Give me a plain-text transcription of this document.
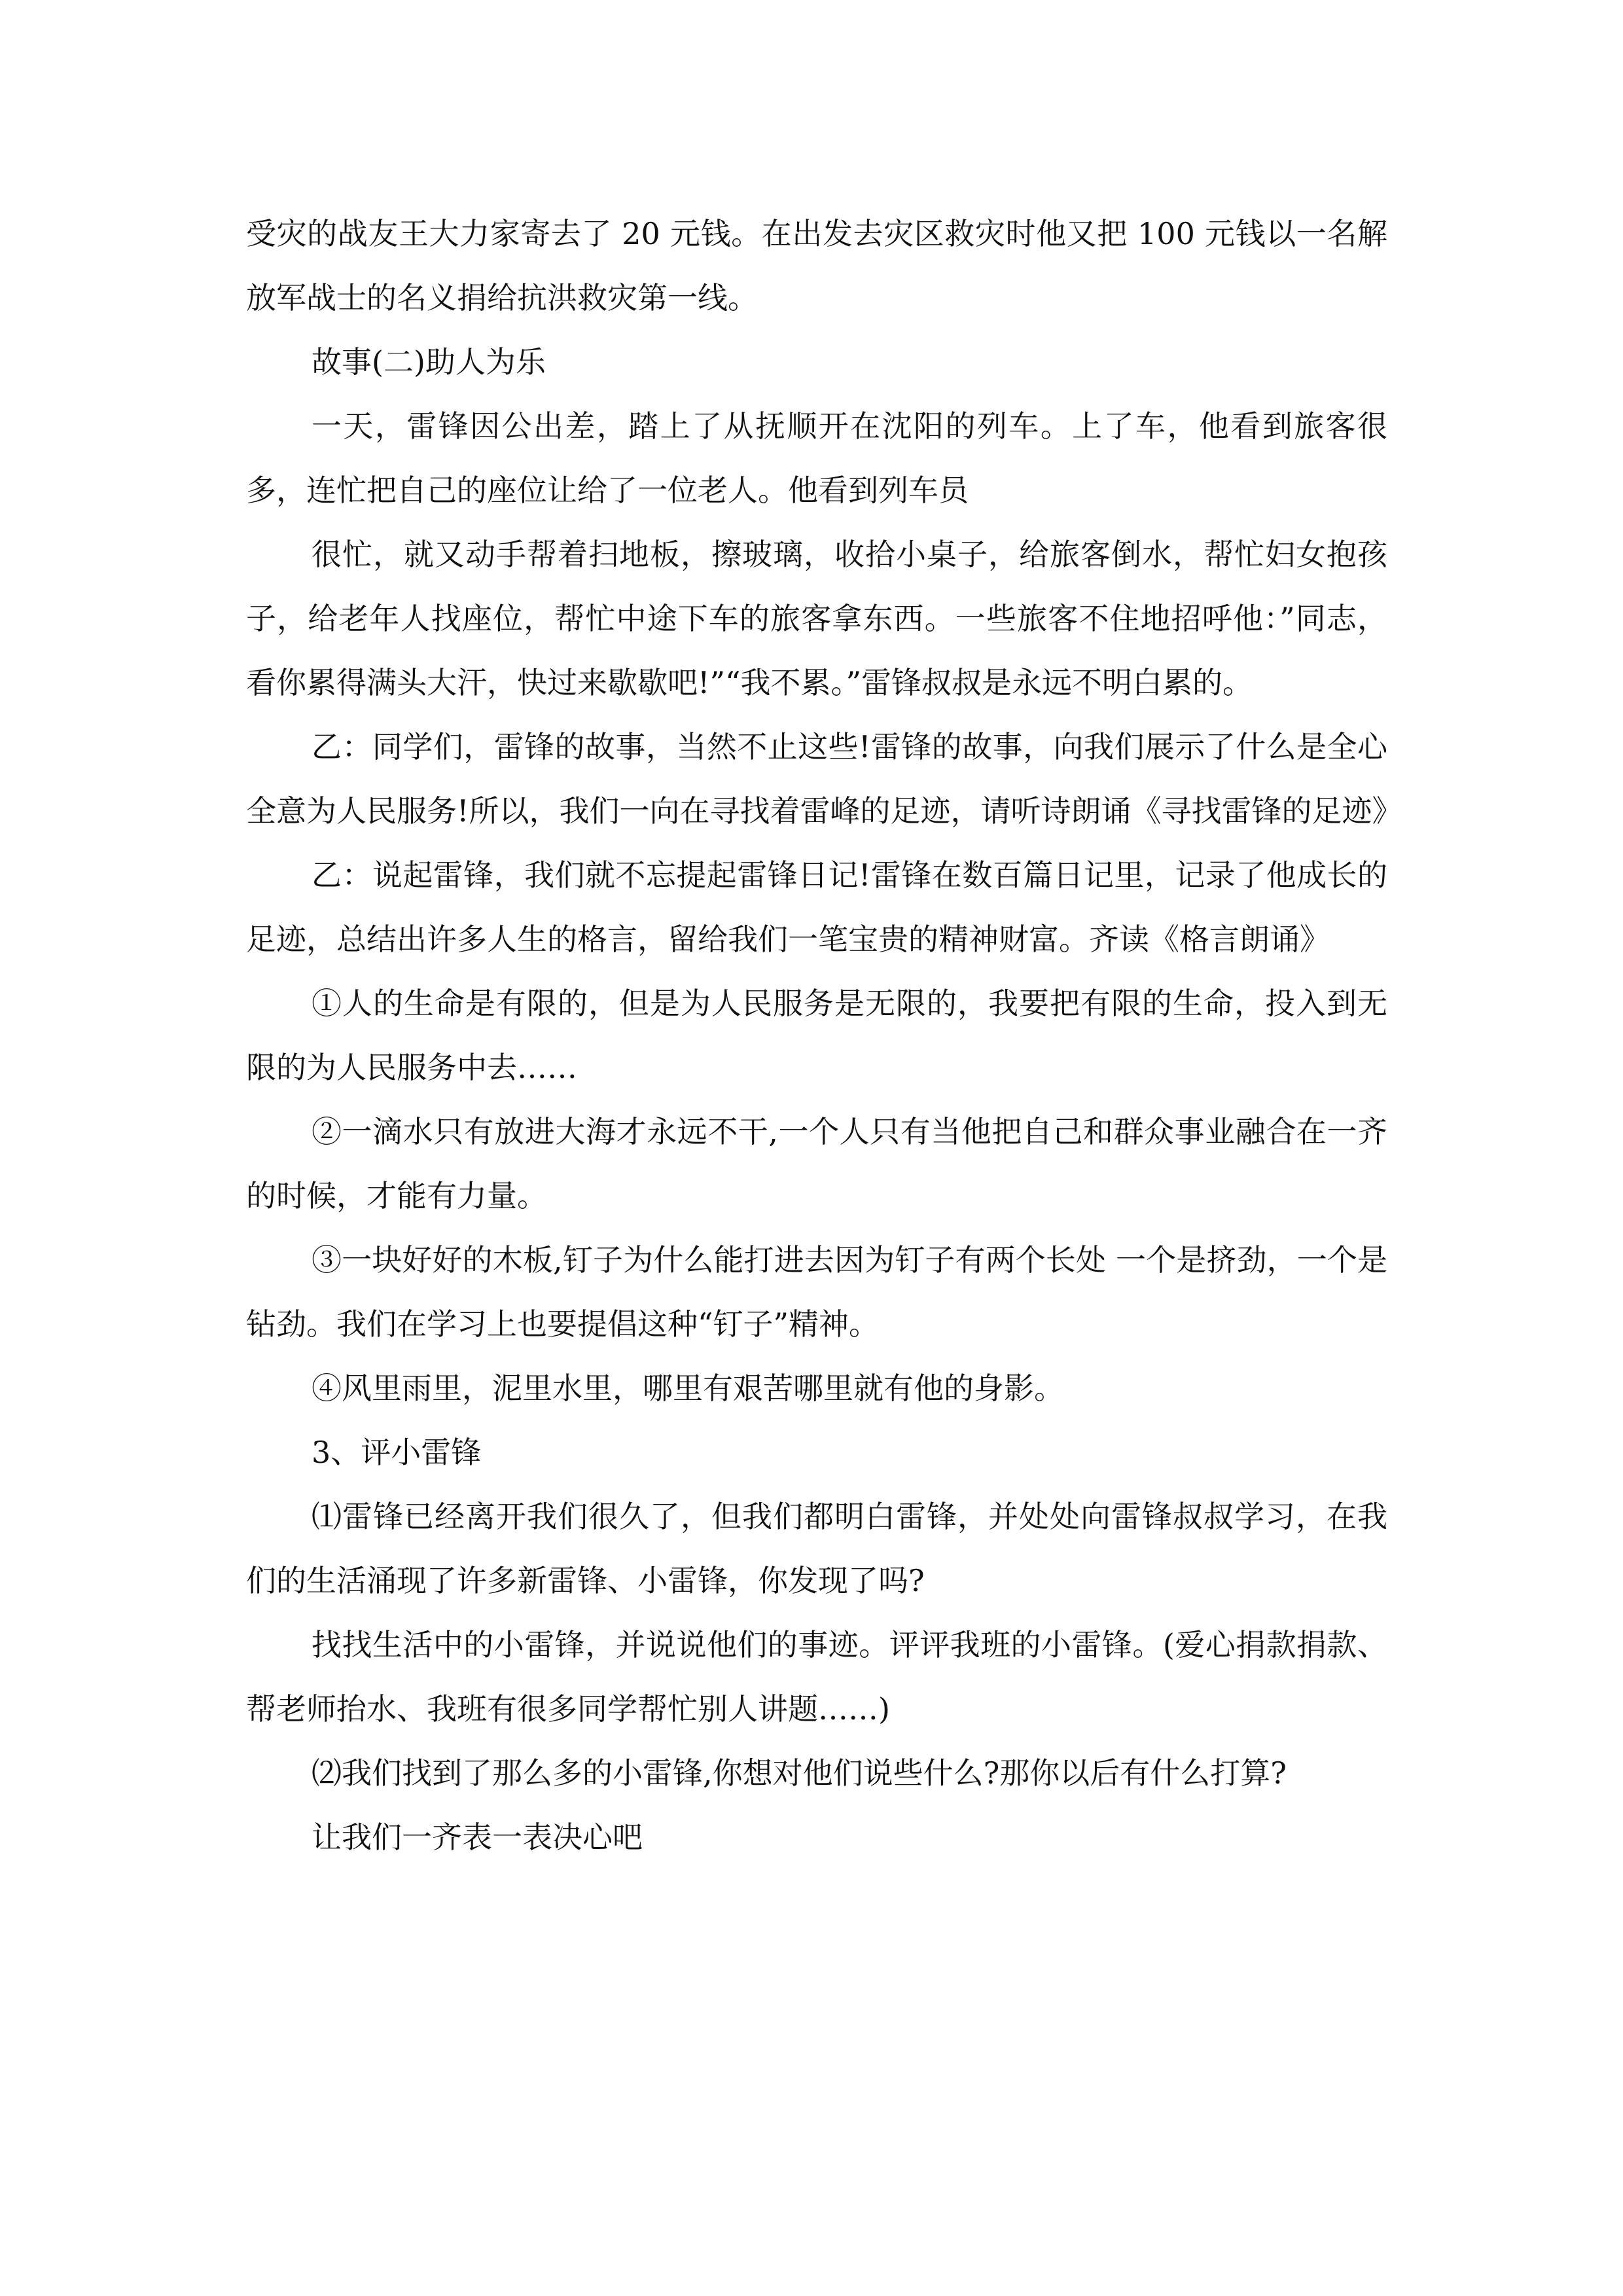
受灾的战友王大力家寄去了 20 元钱。在出发去灾区救灾时他又把 100 元钱以一名解放军战士的名义捐给抗洪救灾第一线。

故事(二)助人为乐

一天，雷锋因公出差，踏上了从抚顺开在沈阳的列车。上了车，他看到旅客很多，连忙把自己的座位让给了一位老人。他看到列车员

很忙，就又动手帮着扫地板，擦玻璃，收拾小桌子，给旅客倒水，帮忙妇女抱孩子，给老年人找座位，帮忙中途下车的旅客拿东西。一些旅客不住地招呼他：”同志，看你累得满头大汗，快过来歇歇吧!”“我不累。”雷锋叔叔是永远不明白累的。

乙：同学们，雷锋的故事，当然不止这些!雷锋的故事，向我们展示了什么是全心全意为人民服务!所以，我们一向在寻找着雷峰的足迹，请听诗朗诵《寻找雷锋的足迹》

乙：说起雷锋，我们就不忘提起雷锋日记!雷锋在数百篇日记里，记录了他成长的足迹，总结出许多人生的格言，留给我们一笔宝贵的精神财富。齐读《格言朗诵》

①人的生命是有限的，但是为人民服务是无限的，我要把有限的生命，投入到无限的为人民服务中去……

②一滴水只有放进大海才永远不干,一个人只有当他把自己和群众事业融合在一齐的时候，才能有力量。

③一块好好的木板,钉子为什么能打进去因为钉子有两个长处 一个是挤劲，一个是钻劲。我们在学习上也要提倡这种“钉子”精神。

④风里雨里，泥里水里，哪里有艰苦哪里就有他的身影。

3、评小雷锋

⑴雷锋已经离开我们很久了，但我们都明白雷锋，并处处向雷锋叔叔学习，在我们的生活涌现了许多新雷锋、小雷锋，你发现了吗?

找找生活中的小雷锋，并说说他们的事迹。评评我班的小雷锋。(爱心捐款捐款、帮老师抬水、我班有很多同学帮忙别人讲题……)

⑵我们找到了那么多的小雷锋,你想对他们说些什么?那你以后有什么打算?

让我们一齐表一表决心吧
